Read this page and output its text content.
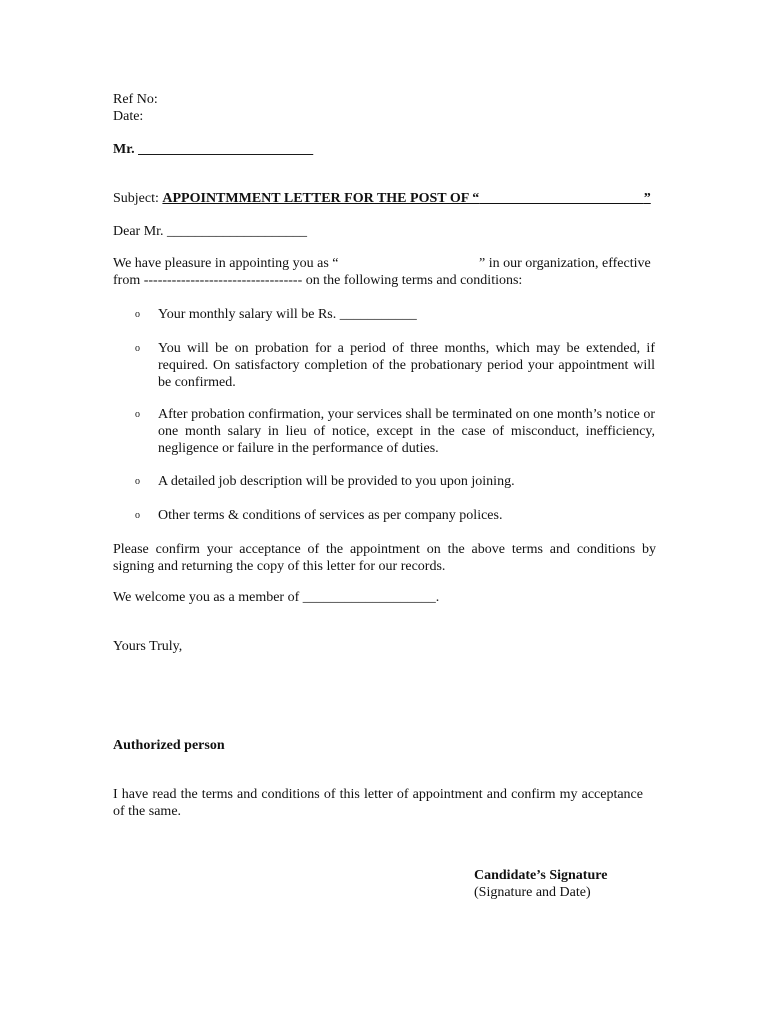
Ref No:
Date:
Mr. _________________________
Subject: APPOINTMMENT LETTER FOR THE POST OF “	”
Dear Mr. ____________________
We have pleasure in appointing you as “	” in our organization, effective
from ---------------------------------- on the following terms and conditions:
o Your monthly salary will be Rs. ___________
o You will be on probation for a period of three months, which may be extended, if required. On satisfactory completion of the probationary period your appointment will be confirmed.
o After probation confirmation, your services shall be terminated on one month’s notice or one month salary in lieu of notice, except in the case of misconduct, inefficiency, negligence or failure in the performance of duties.
o A detailed job description will be provided to you upon joining.
o Other terms & conditions of services as per company polices.
Please confirm your acceptance of the appointment on the above terms and conditions by signing and returning the copy of this letter for our records.
We welcome you as a member of ___________________.
Yours Truly,
Authorized person
I have read the terms and conditions of this letter of appointment and confirm my acceptance of the same.
Candidate’s Signature
(Signature and Date)
